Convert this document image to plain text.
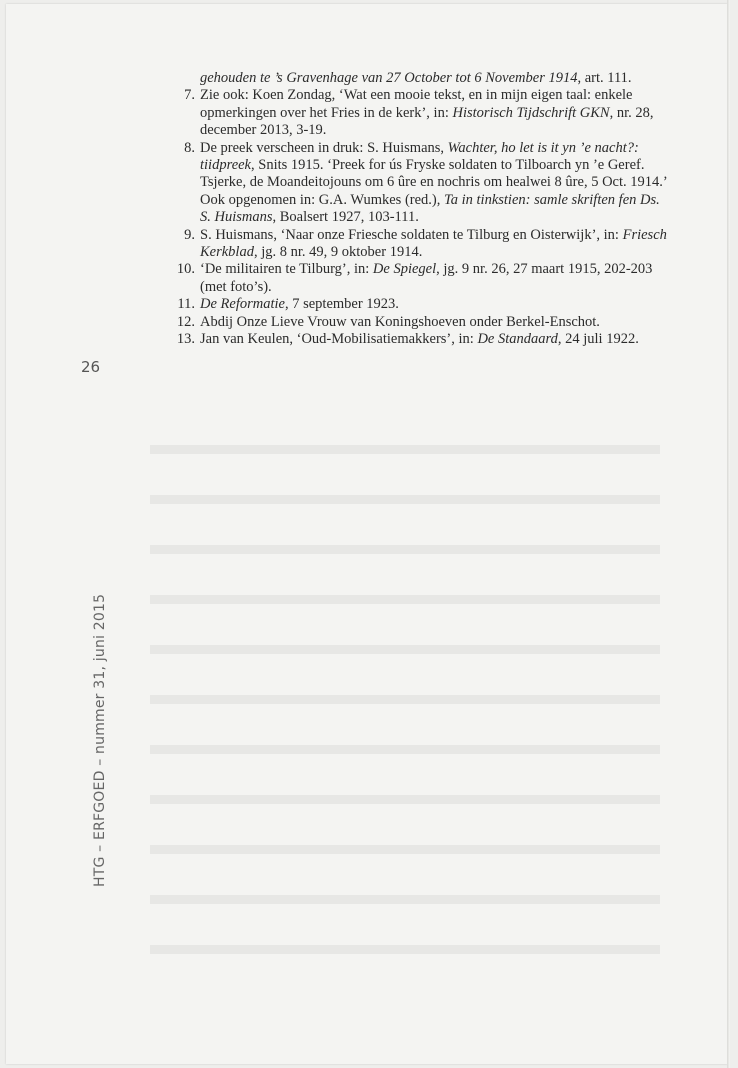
gehouden te ’s Gravenhage van 27 October tot 6 November 1914, art. 111.

7. Zie ook: Koen Zondag, ‘Wat een mooie tekst, en in mijn eigen taal: enkele opmerkingen over het Fries in de kerk’, in: Historisch Tijdschrift GKN, nr. 28, december 2013, 3-19.

8. De preek verscheen in druk: S. Huismans, Wachter, ho let is it yn ’e nacht?: tiidpreek, Snits 1915. ‘Preek for ús Fryske soldaten to Tilboarch yn ’e Geref. Tsjerke, de Moandeitojouns om 6 ûre en nochris om healwei 8 ûre, 5 Oct. 1914.’ Ook opgenomen in: G.A. Wumkes (red.), Ta in tinkstien: samle skriften fen Ds. S. Huismans, Boalsert 1927, 103-111.

9. S. Huismans, ‘Naar onze Friesche soldaten te Tilburg en Oisterwijk’, in: Friesch Kerkblad, jg. 8 nr. 49, 9 oktober 1914.

10. ‘De militairen te Tilburg’, in: De Spiegel, jg. 9 nr. 26, 27 maart 1915, 202-203 (met foto’s).

11. De Reformatie, 7 september 1923.

12. Abdij Onze Lieve Vrouw van Koningshoeven onder Berkel-Enschot.

13. Jan van Keulen, ‘Oud-Mobilisatiemakkers’, in: De Standaard, 24 juli 1922.

26
HTG – ERFGOED – nummer 31, juni 2015
